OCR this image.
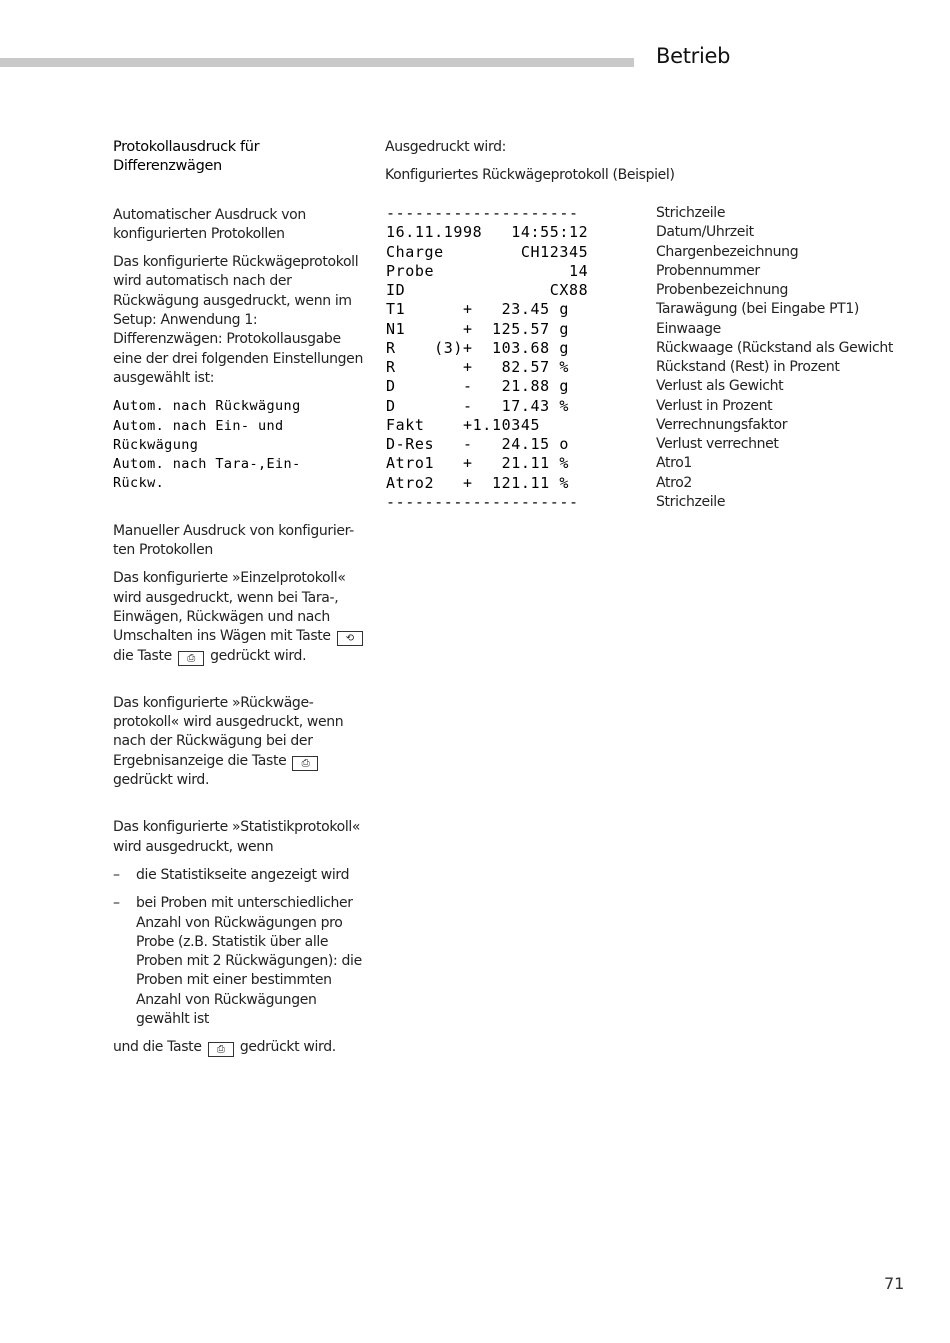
Betrieb

Protokollausdruck für Differenzwägen

Automatischer Ausdruck von konfigurierten Protokollen

Das konfigurierte Rückwägeprotokoll wird automatisch nach der Rückwägung ausgedruckt, wenn im Setup: Anwendung 1: Differenzwägen: Protokollausgabe eine der drei folgenden Einstellungen ausgewählt ist:

Autom. nach Rückwägung
Autom. nach Ein- und
Rückwägung
Autom. nach Tara-,Ein-
Rückw.

Manueller Ausdruck von konfigurier-ten Protokollen

Das konfigurierte »Einzelprotokoll« wird ausgedruckt, wenn bei Tara-, Einwägen, Rückwägen und nach Umschalten ins Wägen mit Taste ⟲ die Taste ⎙ gedrückt wird.

Das konfigurierte »Rückwäge-protokoll« wird ausgedruckt, wenn nach der Rückwägung bei der Ergebnisanzeige die Taste ⎙ gedrückt wird.

Das konfigurierte »Statistikprotokoll« wird ausgedruckt, wenn

– die Statistikseite angezeigt wird
– bei Proben mit unterschiedlicher Anzahl von Rückwägungen pro Probe (z.B. Statistik über alle Proben mit 2 Rückwägungen): die Proben mit einer bestimmten Anzahl von Rückwägungen gewählt ist

und die Taste ⎙ gedrückt wird.

Ausgedruckt wird:

Konfiguriertes Rückwägeprotokoll (Beispiel)

--------------------
16.11.1998   14:55:12
Charge        CH12345
Probe              14
ID               CX88
T1      +   23.45 g
N1      +  125.57 g
R    (3)+  103.68 g
R       +   82.57 %
D       -   21.88 g
D       -   17.43 %
Fakt    +1.10345
D-Res   -   24.15 o
Atro1   +   21.11 %
Atro2   +  121.11 %
--------------------
Strichzeile
Datum/Uhrzeit
Chargenbezeichnung
Probennummer
Probenbezeichnung
Tarawägung (bei Eingabe PT1)
Einwaage
Rückwaage (Rückstand als Gewicht
Rückstand (Rest) in Prozent
Verlust als Gewicht
Verlust in Prozent
Verrechnungsfaktor
Verlust verrechnet
Atro1
Atro2
Strichzeile
71
